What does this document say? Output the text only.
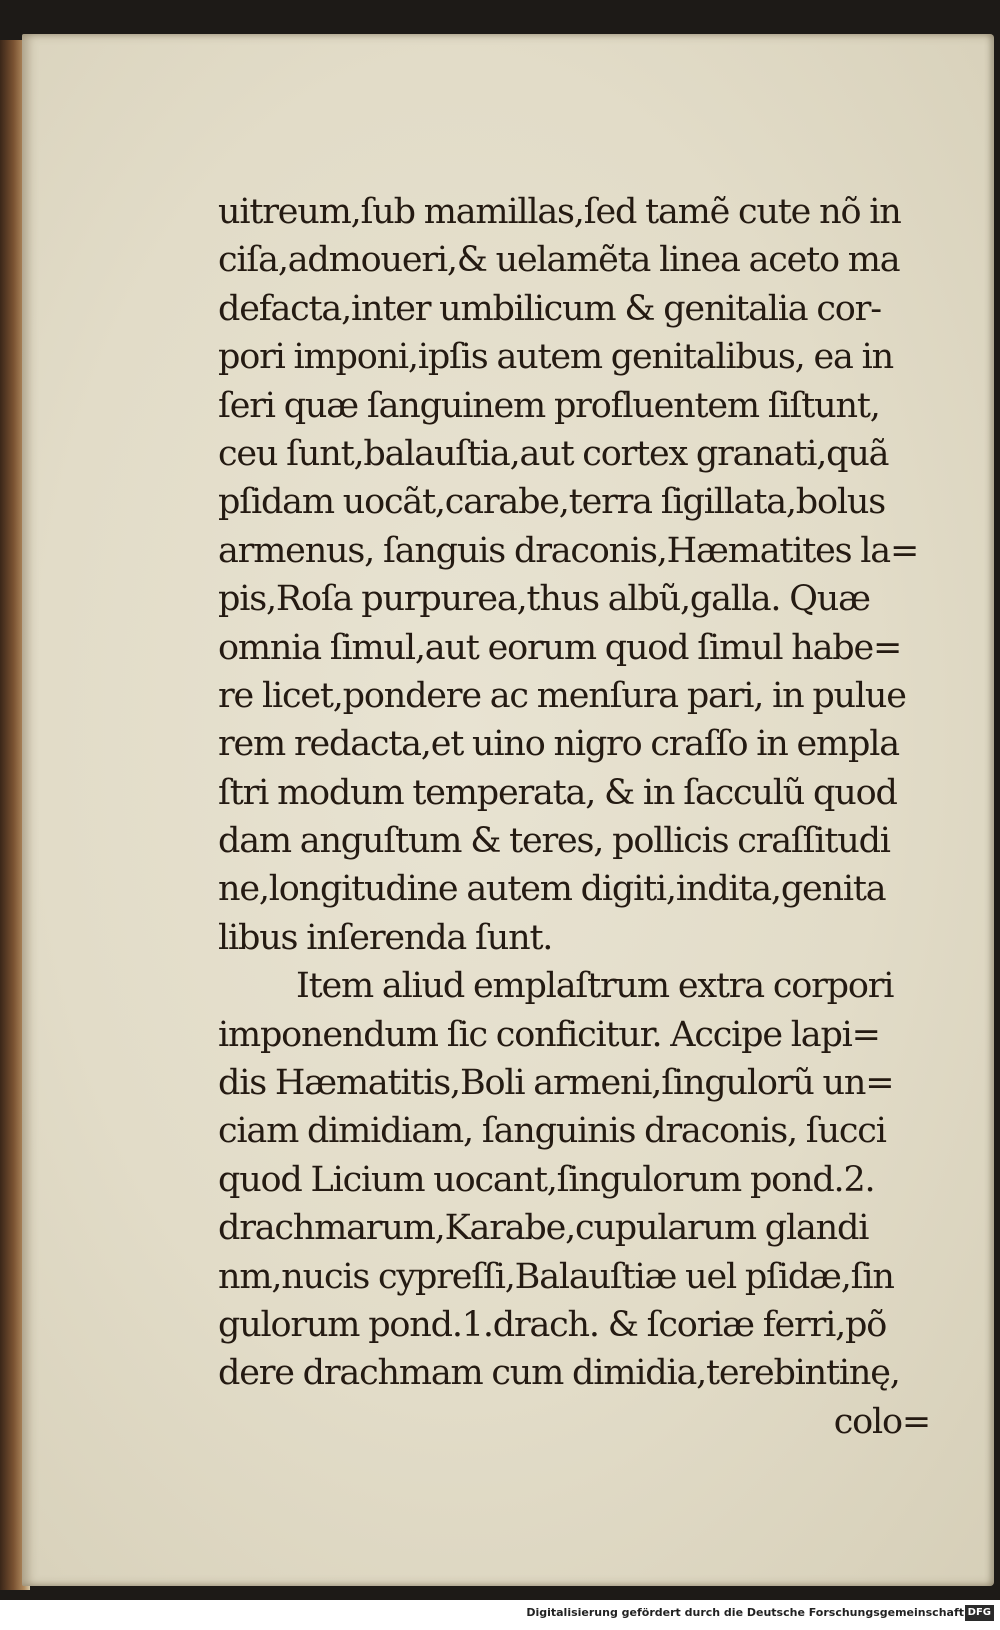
uitreum,ſub mamillas,ſed tamẽ cute nõ in
ciſa,admoueri,& uelamẽta linea aceto ma
defacta,inter umbilicum & genitalia cor-
pori imponi,ipſis autem genitalibus, ea in
ſeri quæ ſanguinem profluentem ſiſtunt,
ceu ſunt,balauſtia,aut cortex granati,quã
pſidam uocãt,carabe,terra ſigillata,bolus
armenus, ſanguis draconis,Hæmatites la=
pis,Roſa purpurea,thus albũ,galla. Quæ
omnia ſimul,aut eorum quod ſimul habe=
re licet,pondere ac menſura pari, in pulue
rem redacta,et uino nigro craſſo in empla
ſtri modum temperata, & in ſacculũ quod
dam anguſtum & teres, pollicis craſſitudi
ne,longitudine autem digiti,indita,genita
libus inſerenda ſunt.
Item aliud emplaſtrum extra corpori
imponendum ſic conficitur. Accipe lapi=
dis Hæmatitis,Boli armeni,ſingulorũ un=
ciam dimidiam, ſanguinis draconis, ſucci
quod Licium uocant,ſingulorum pond.2.
drachmarum,Karabe,cupularum glandi
nm,nucis cypreſſi,Balauſtiæ uel pſidæ,ſin
gulorum pond.1.drach. & ſcoriæ ferri,põ
dere drachmam cum dimidia,terebintinę,
colo=
Digitalisierung gefördert durch die Deutsche Forschungsgemeinschaft DFG
